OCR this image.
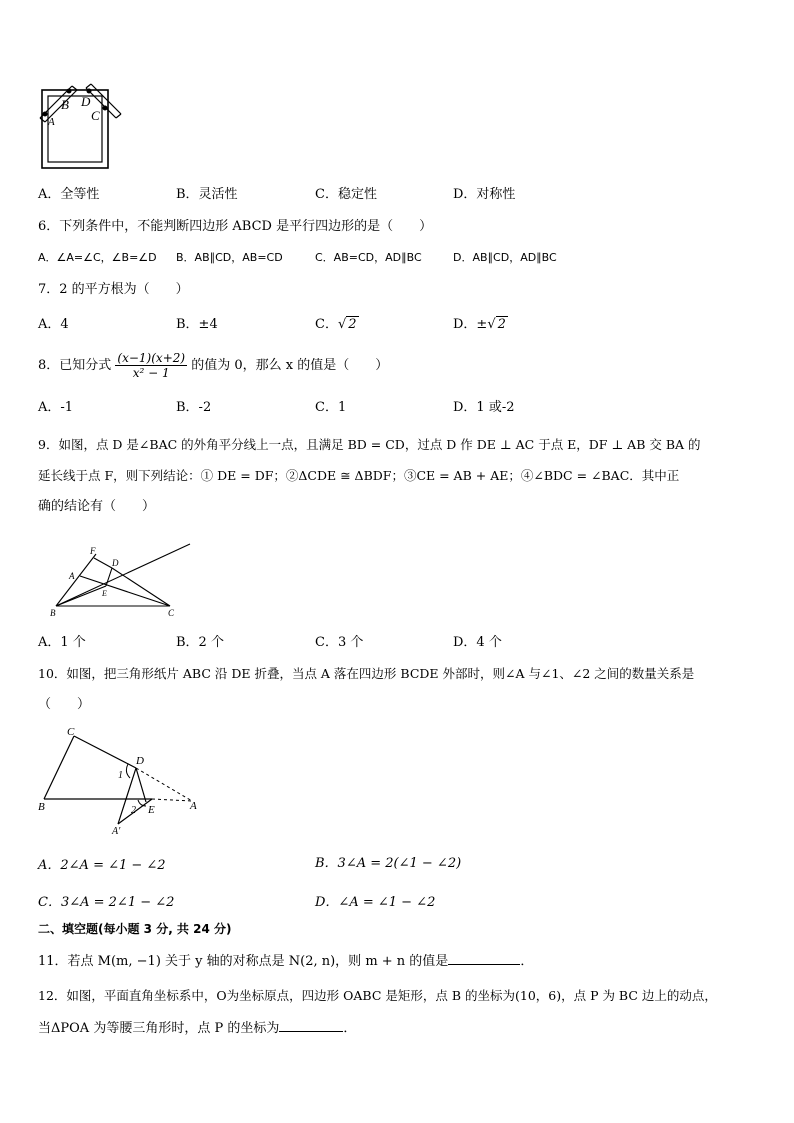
A
B
C
D
A．全等性	B．灵活性	C．稳定性	D．对称性
6．下列条件中，不能判断四边形 ABCD 是平行四边形的是（　　）
A．∠A=∠C，∠B=∠D B．AB∥CD，AB=CD	C．AB=CD，AD∥BC	D．AB∥CD，AD∥BC
7．2 的平方根为（　　）
A．4	B．±4	C．√ 2	D．±√ 2
8．已知分式 $\frac{(x-1)(x+2)}{\text{x² − 1}}$ 的值为 0，那么 x 的值是（　　）
A．-1	B．-2	C．1	D．1 或-2
9．如图，点 D 是∠BAC 的外角平分线上一点，且满足 BD = CD，过点 D 作 DE ⊥ AC 于点 E，DF ⊥ AB 交 BA 的
延长线于点 F，则下列结论：① DE = DF；②ΔCDE ≅ ΔBDF；③CE = AB + AE；④∠BDC = ∠BAC．其中正
确的结论有（　　）
F
D
A
E
B	C
A．1 个	B．2 个	C．3 个	D．4 个
10．如图，把三角形纸片 ABC 沿 DE 折叠，当点 A 落在四边形 BCDE 外部时，则∠A 与∠1、∠2 之间的数量关系是
（　　）
C
D
1
B	2 E	A
A′
A．2∠A = ∠1 − ∠2	B．3∠A = 2(∠1 − ∠2)
C．3∠A = 2∠1 − ∠2	D．∠A = ∠1 − ∠2
二、填空题(每小题 3 分, 共 24 分)
11．若点 M(m, −1) 关于 y 轴的对称点是 N(2, n)，则 m + n 的值是	．
12．如图，平面直角坐标系中，O为坐标原点，四边形 OABC 是矩形，点 B 的坐标为(10，6)，点 P 为 BC 边上的动点，
当ΔPOA 为等腰三角形时，点 P 的坐标为	．
